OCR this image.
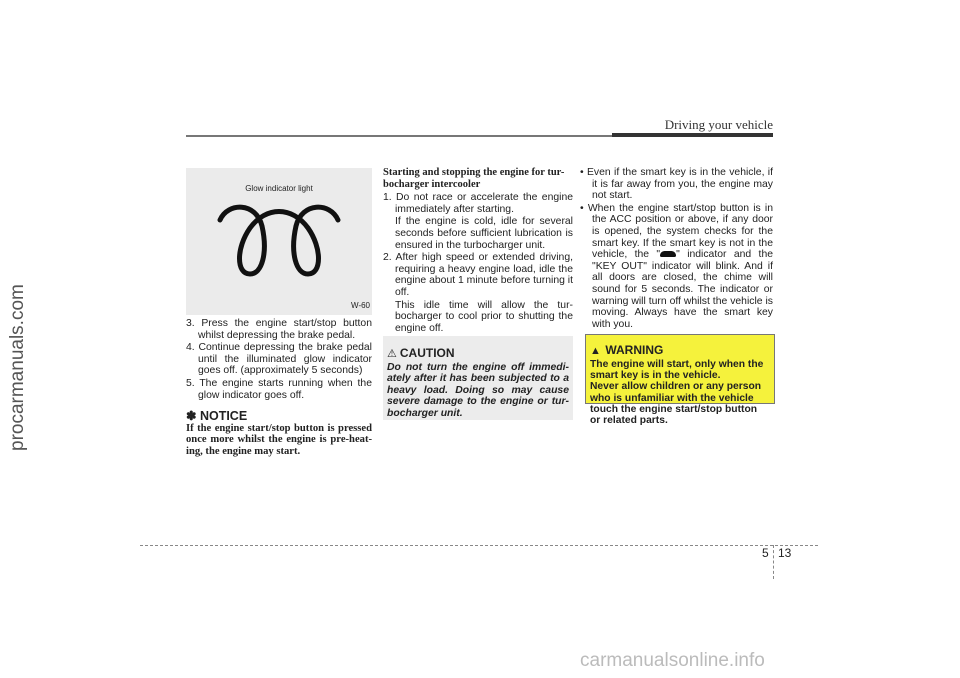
Driving your vehicle
Glow indicator light
W-60
3. Press the engine start/stop button whilst depressing the brake pedal.
4. Continue depressing the brake pedal until the illuminated glow indicator goes off. (approximately 5 seconds)
5. The engine starts running when the glow indicator goes off.
✽ NOTICE
If the engine start/stop button is pressed once more whilst the engine is pre-heat-ing, the engine may start.
Starting and stopping the engine for tur-bocharger intercooler
1. Do not race or accelerate the engine immediately after starting.
If the engine is cold, idle for several seconds before sufficient lubrication is ensured in the turbocharger unit.
2. After high speed or extended driving, requiring a heavy engine load, idle the engine about 1 minute before turning it off.
This idle time will allow the tur-bocharger to cool prior to shutting the engine off.
⚠ CAUTION
Do not turn the engine off immedi-ately after it has been subjected to a heavy load. Doing so may cause severe damage to the engine or tur-bocharger unit.
• Even if the smart key is in the vehicle, if it is far away from you, the engine may not start.
• When the engine start/stop button is in the ACC position or above, if any door is opened, the system checks for the smart key. If the smart key is not in the vehicle, the " " indicator and the "KEY OUT" indicator will blink. And if all doors are closed, the chime will sound for 5 seconds. The indicator or warning will turn off whilst the vehicle is moving. Always have the smart key with you.
▲ WARNING
The engine will start, only when the smart key is in the vehicle.
Never allow children or any person who is unfamiliar with the vehicle touch the engine start/stop button or related parts.
5 13
procarmanuals.com
carmanualsonline.info
